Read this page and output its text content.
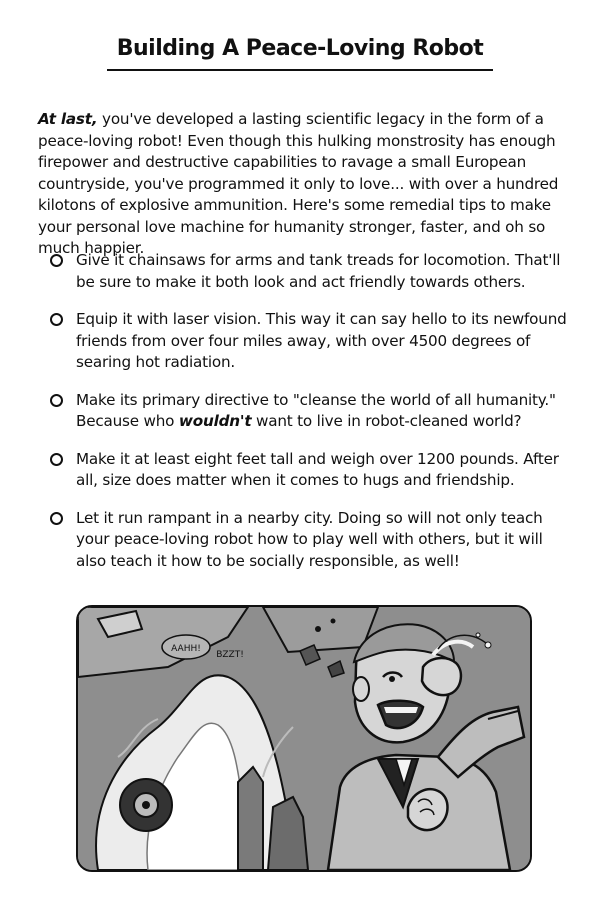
Building A Peace-Loving Robot

At last, you've developed a lasting scientific legacy in the form of a peace-loving robot! Even though this hulking monstrosity has enough firepower and destructive capabilities to ravage a small European countryside, you've programmed it only to love... with over a hundred kilotons of explosive ammunition. Here's some remedial tips to make your personal love machine for humanity stronger, faster, and oh so much happier.

Give it chainsaws for arms and tank treads for locomotion. That'll be sure to make it both look and act friendly towards others.
Equip it with laser vision. This way it can say hello to its newfound friends from over four miles away, with over 4500 degrees of searing hot radiation.
Make its primary directive to "cleanse the world of all humanity." Because who wouldn't want to live in robot-cleaned world?
Make it at least eight feet tall and weigh over 1200 pounds. After all, size does matter when it comes to hugs and friendship.
Let it run rampant in a nearby city. Doing so will not only teach your peace-loving robot how to play well with others, but it will also teach it how to be socially responsible, as well!
AAHH!
BZZT!
